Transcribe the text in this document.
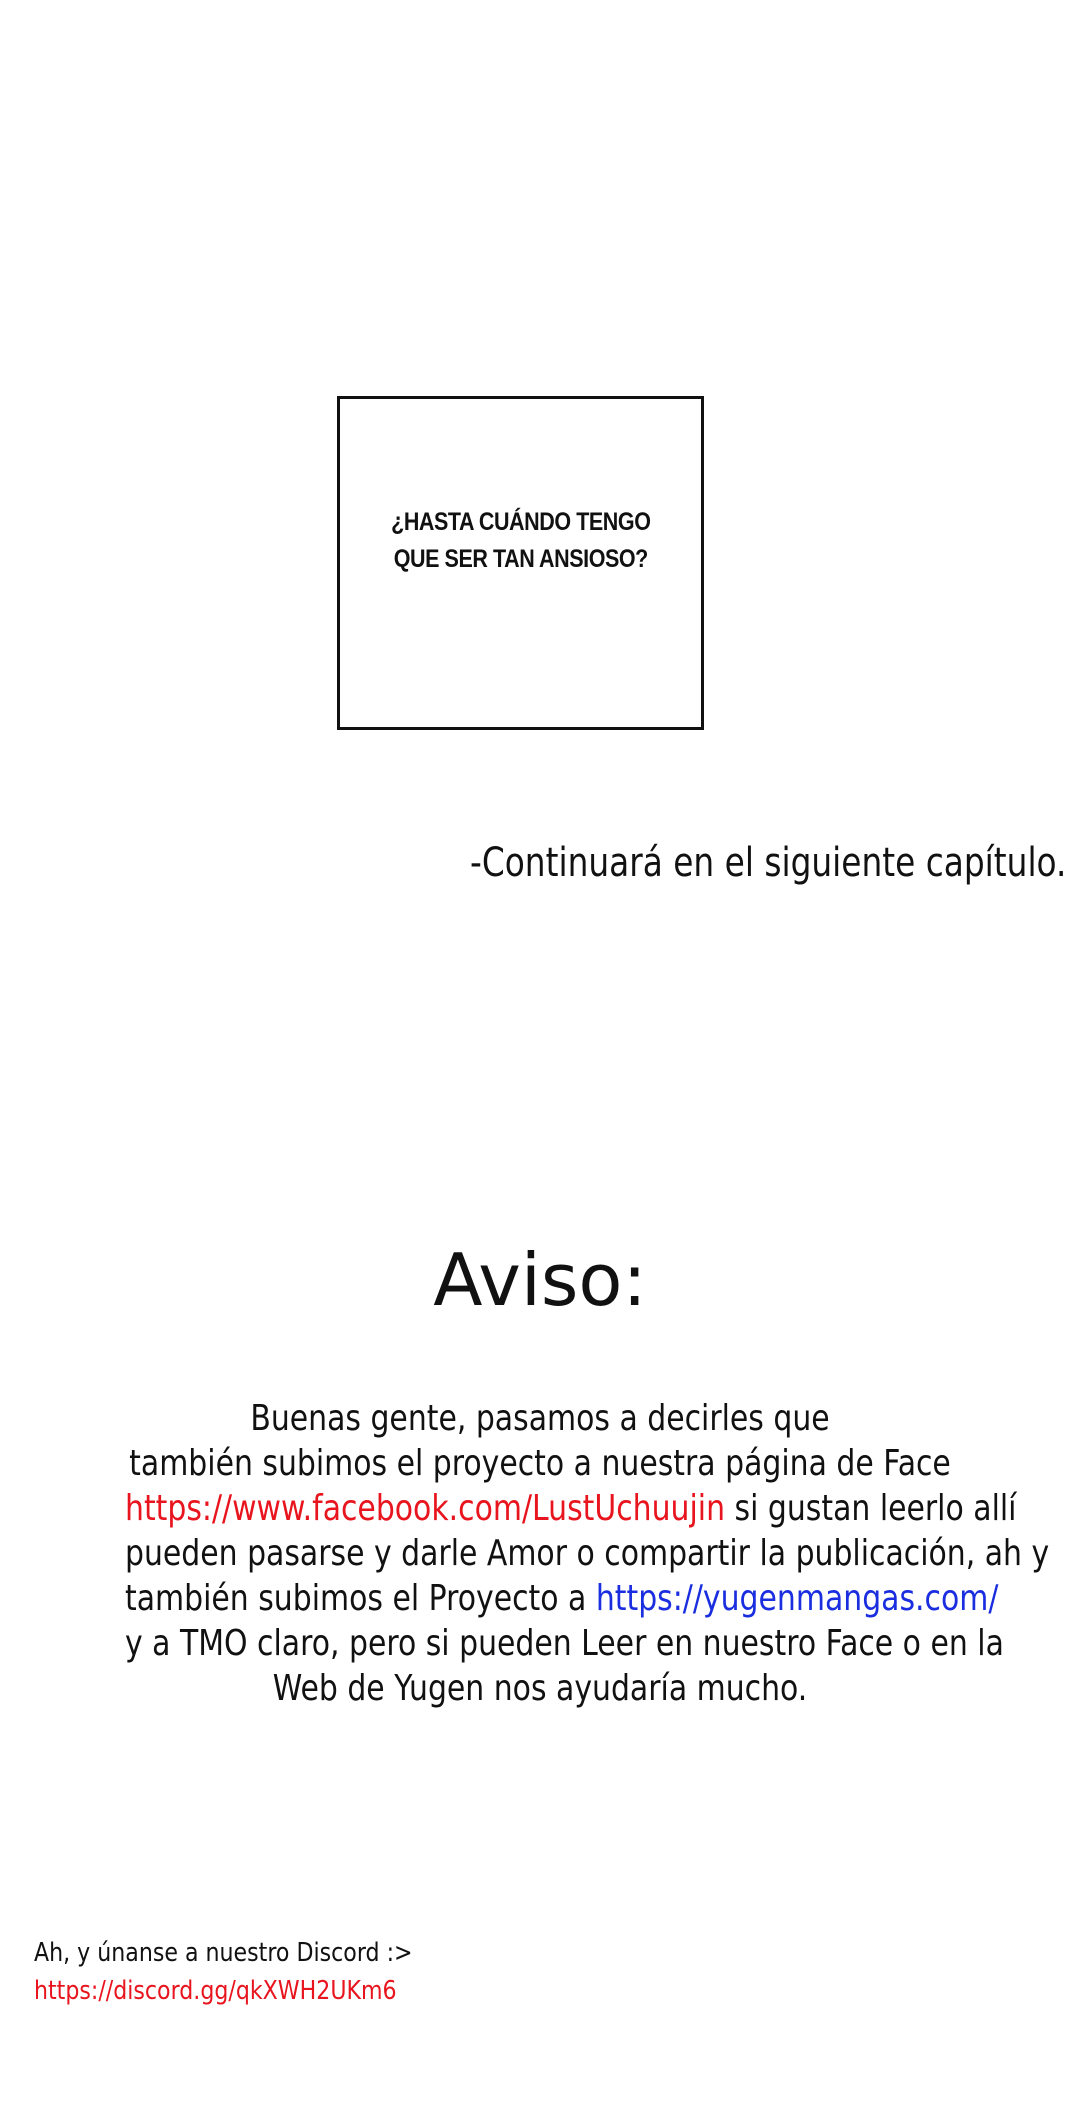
¿HASTA CUÁNDO TENGO
QUE SER TAN ANSIOSO?
-Continuará en el siguiente capítulo.
Aviso:
Buenas gente, pasamos a decirles que
también subimos el proyecto a nuestra página de Face
https://www.facebook.com/LustUchuujin si gustan leerlo allí
pueden pasarse y darle Amor o compartir la publicación, ah y
también subimos el Proyecto a https://yugenmangas.com/
y a TMO claro, pero si pueden Leer en nuestro Face o en la
Web de Yugen nos ayudaría mucho.
Ah, y únanse a nuestro Discord :>
https://discord.gg/qkXWH2UKm6
